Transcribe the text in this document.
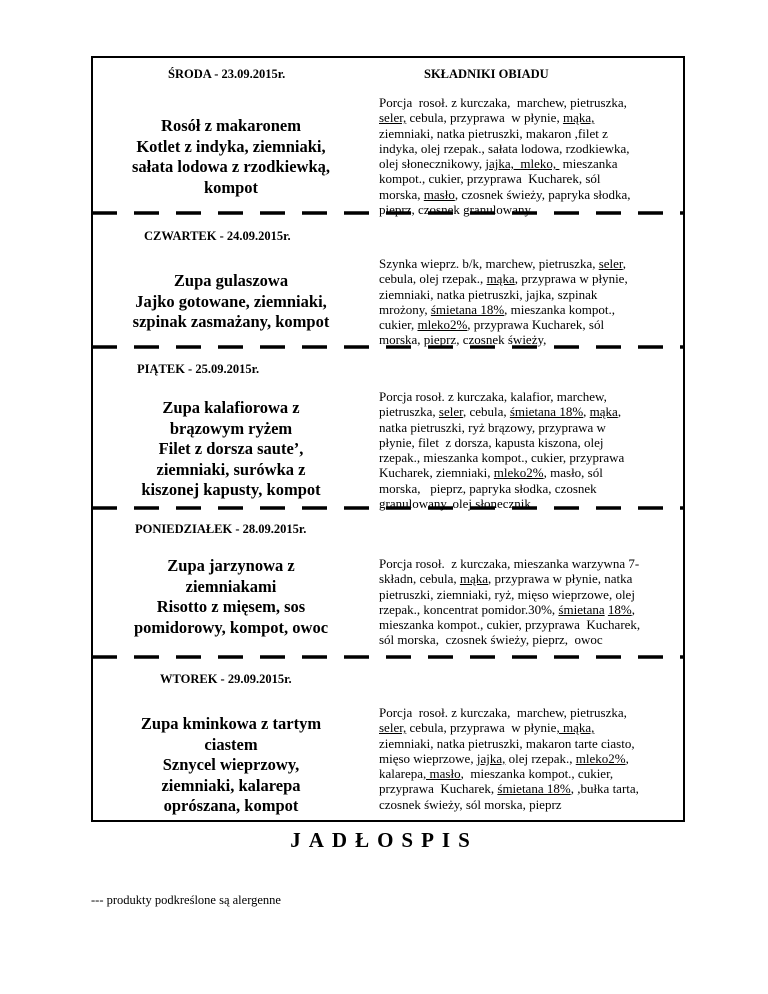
ŚRODA - 23.09.2015r.	SKŁADNIKI OBIADU
Rosół z makaronem
Kotlet z indyka, ziemniaki,
sałata lodowa z rzodkiewką,
kompot
Porcja  rosoł. z kurczaka,  marchew, pietruszka,
seler, cebula, przyprawa  w płynie, mąka,
ziemniaki, natka pietruszki, makaron ,filet z
indyka, olej rzepak., sałata lodowa, rzodkiewka,
olej słonecznikowy, jajka,  mleko,  mieszanka
kompot., cukier, przyprawa  Kucharek, sól
morska, masło, czosnek świeży, papryka słodka,
pieprz, czosnek granulowany
CZWARTEK - 24.09.2015r.
Zupa gulaszowa
Jajko gotowane, ziemniaki,
szpinak zasmażany, kompot
Szynka wieprz. b/k, marchew, pietruszka, seler,
cebula, olej rzepak., mąka, przyprawa w płynie,
ziemniaki, natka pietruszki, jajka, szpinak
mrożony, śmietana 18%, mieszanka kompot.,
cukier, mleko2%, przyprawa Kucharek, sól
morska, pieprz, czosnek świeży,
PIĄTEK - 25.09.2015r.
Zupa kalafiorowa z
brązowym ryżem
Filet z dorsza saute’,
ziemniaki, surówka z
kiszonej kapusty, kompot
Porcja rosoł. z kurczaka, kalafior, marchew,
pietruszka, seler, cebula, śmietana 18%, mąka,
natka pietruszki, ryż brązowy, przyprawa w
płynie, filet  z dorsza, kapusta kiszona, olej
rzepak., mieszanka kompot., cukier, przyprawa
Kucharek, ziemniaki, mleko2%, masło, sól
morska,   pieprz, papryka słodka, czosnek
granulowany, olej słonecznik.
PONIEDZIAŁEK - 28.09.2015r.
Zupa jarzynowa z
ziemniakami
Risotto z mięsem, sos
pomidorowy, kompot, owoc
Porcja rosoł.  z kurczaka, mieszanka warzywna 7-
składn, cebula, mąka, przyprawa w płynie, natka
pietruszki, ziemniaki, ryż, mięso wieprzowe, olej
rzepak., koncentrat pomidor.30%, śmietana 18%,
mieszanka kompot., cukier, przyprawa  Kucharek,
sól morska,  czosnek świeży, pieprz,  owoc
WTOREK - 29.09.2015r.
Zupa kminkowa z tartym
ciastem
Sznycel wieprzowy,
ziemniaki, kalarepa
oprószana, kompot
Porcja  rosoł. z kurczaka,  marchew, pietruszka,
seler, cebula, przyprawa  w płynie, mąka,
ziemniaki, natka pietruszki, makaron tarte ciasto,
mięso wieprzowe, jajka, olej rzepak., mleko2%,
kalarepa, masło,  mieszanka kompot., cukier,
przyprawa  Kucharek, śmietana 18%, ,bułka tarta,
czosnek świeży, sól morska, pieprz
JADŁOSPIS
--- produkty podkreślone są alergenne
